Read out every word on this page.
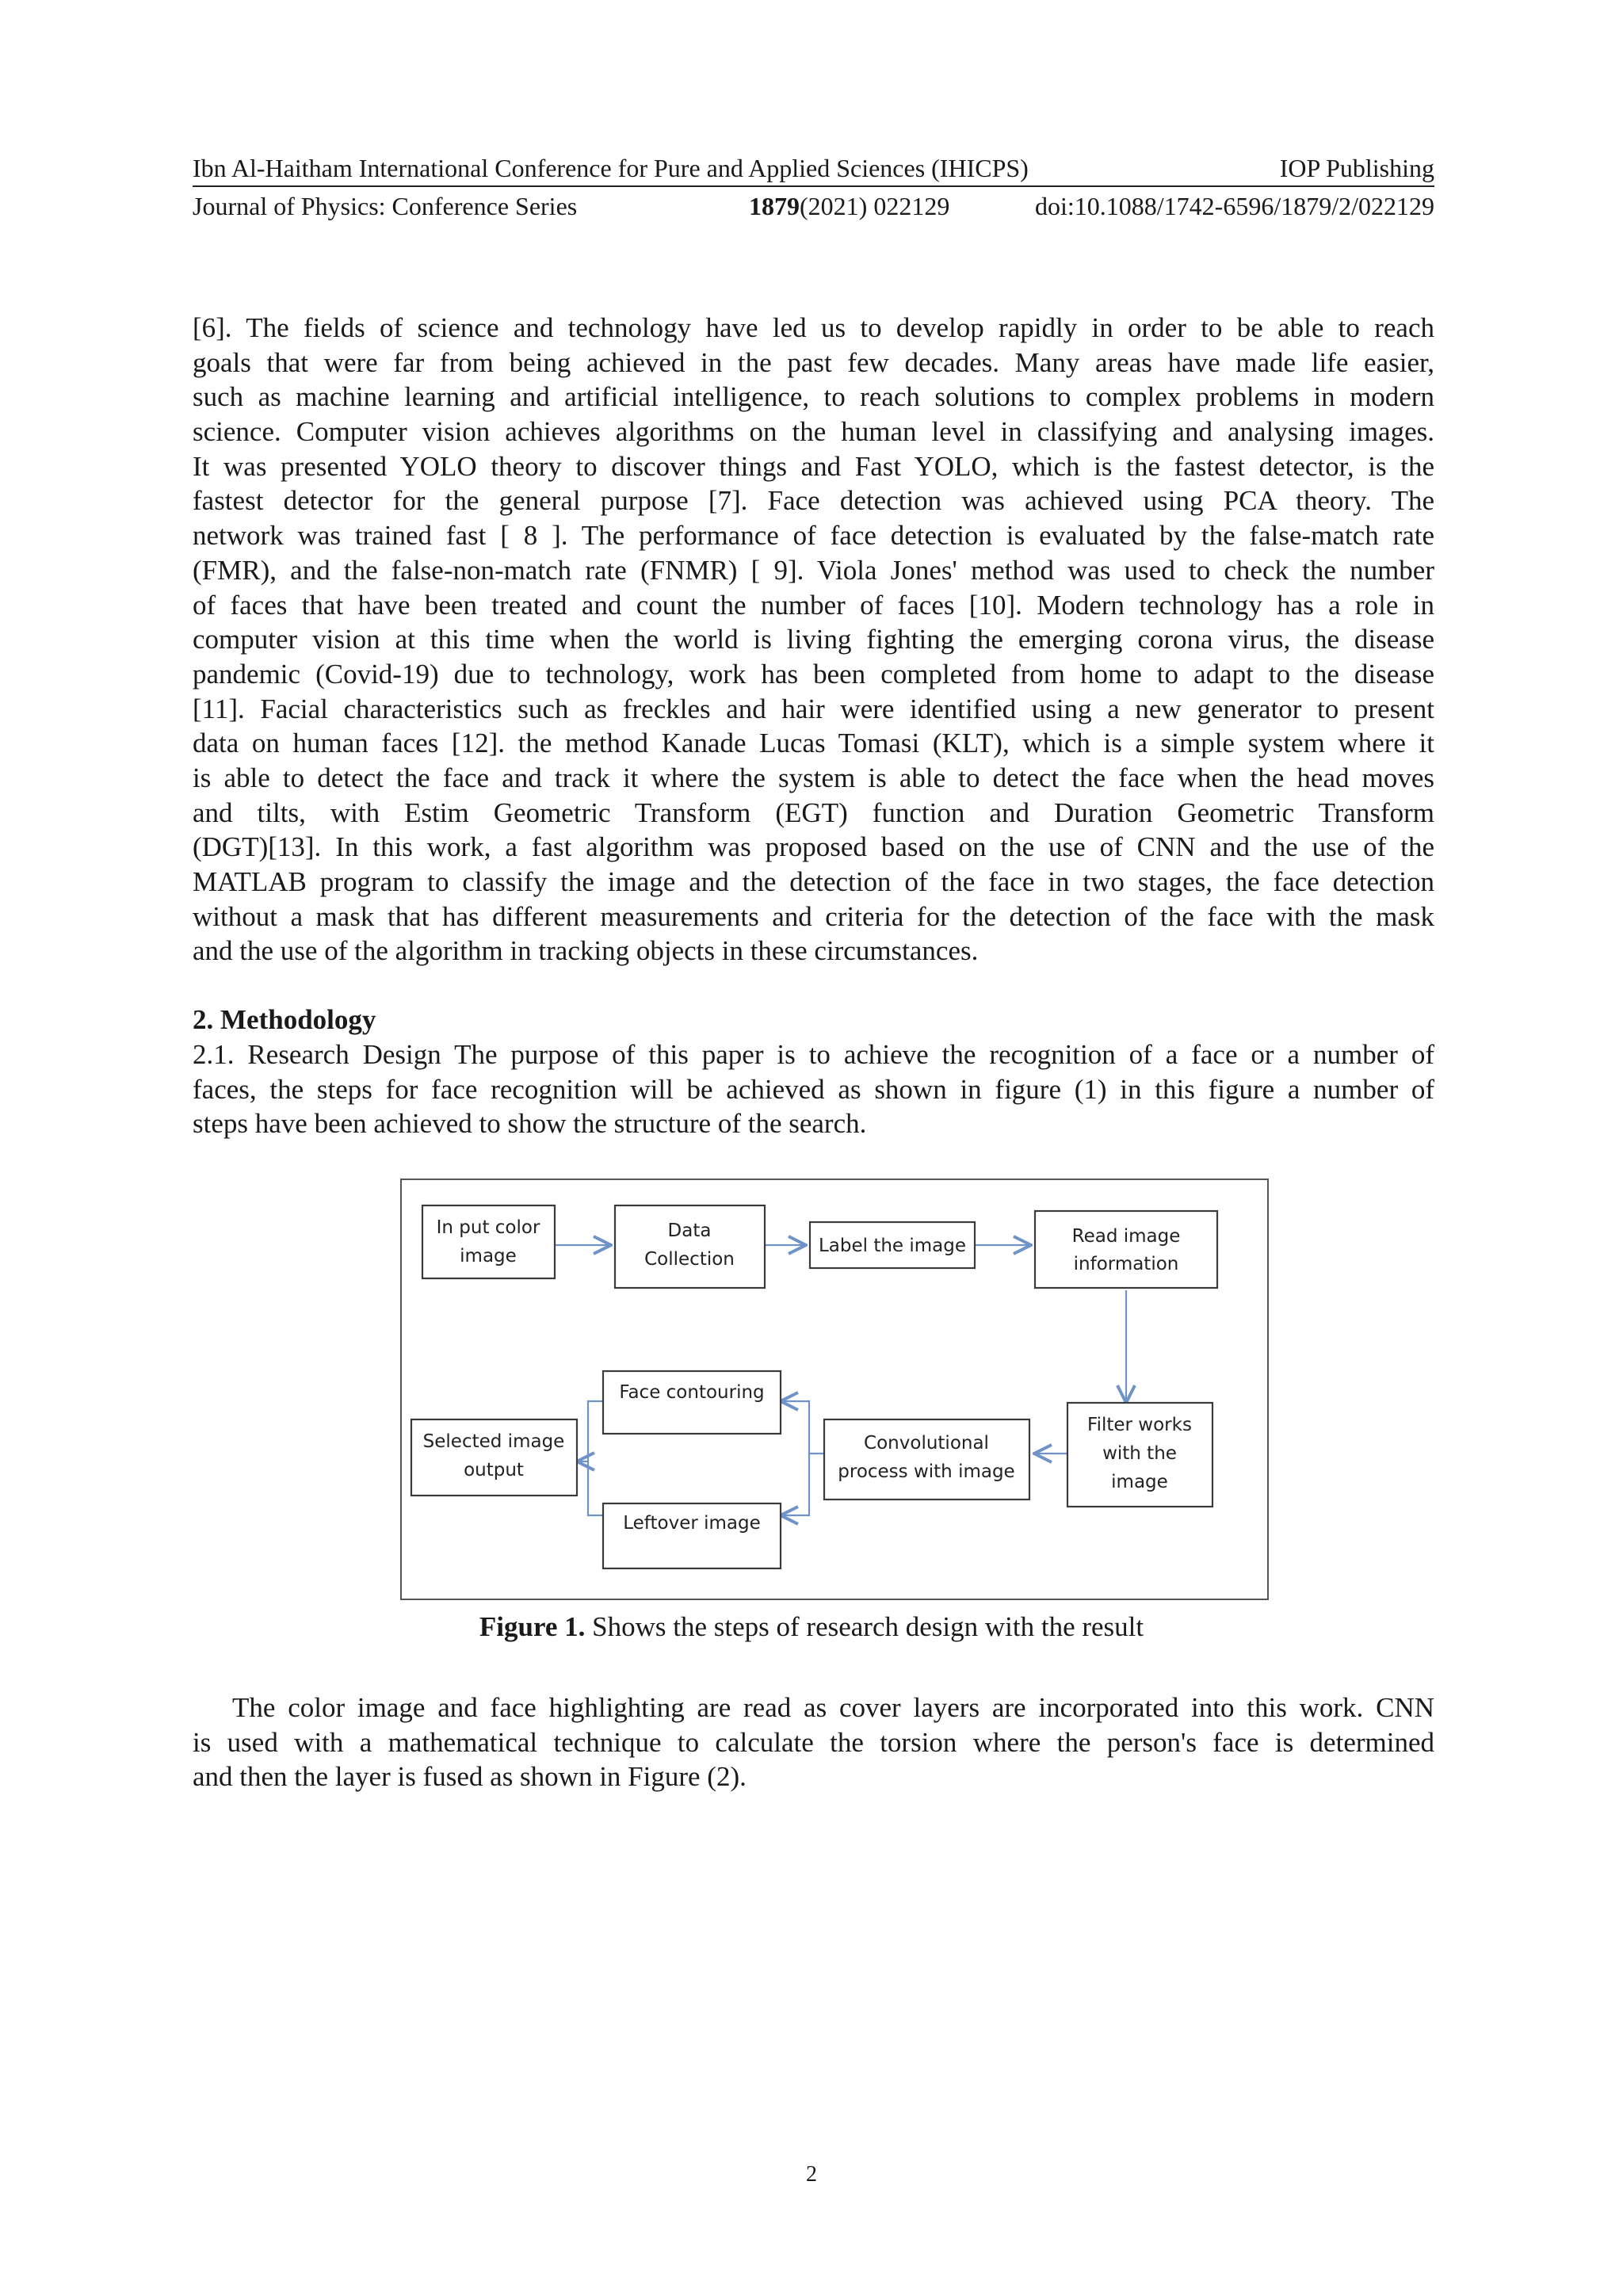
Ibn Al-Haitham International Conference for Pure and Applied Sciences (IHICPS)	IOP Publishing
Journal of Physics: Conference Series	1879(2021) 022129	doi:10.1088/1742-6596/1879/2/022129
[6]. The fields of science and technology have led us to develop rapidly in order to be able to reach
goals that were far from being achieved in the past few decades. Many areas have made life easier,
such as machine learning and artificial intelligence, to reach solutions to complex problems in modern
science. Computer vision achieves algorithms on the human level in classifying and analysing images.
It was presented YOLO theory to discover things and Fast YOLO, which is the fastest detector, is the
fastest detector for the general purpose [7]. Face detection was achieved using PCA theory. The
network was trained fast [ 8 ]. The performance of face detection is evaluated by the false-match rate
(FMR), and the false-non-match rate (FNMR) [ 9]. Viola Jones' method was used to check the number
of faces that have been treated and count the number of faces [10]. Modern technology has a role in
computer vision at this time when the world is living fighting the emerging corona virus, the disease
pandemic (Covid-19) due to technology, work has been completed from home to adapt to the disease
[11]. Facial characteristics such as freckles and hair were identified using a new generator to present
data on human faces [12]. the method Kanade Lucas Tomasi (KLT), which is a simple system where it
is able to detect the face and track it where the system is able to detect the face when the head moves
and tilts, with Estim Geometric Transform (EGT) function and Duration Geometric Transform
(DGT)[13]. In this work, a fast algorithm was proposed based on the use of CNN and the use of the
MATLAB program to classify the image and the detection of the face in two stages, the face detection
without a mask that has different measurements and criteria for the detection of the face with the mask
and the use of the algorithm in tracking objects in these circumstances.
2. Methodology
2.1. Research Design The purpose of this paper is to achieve the recognition of a face or a number of
faces, the steps for face recognition will be achieved as shown in figure (1) in this figure a number of
steps have been achieved to show the structure of the search.
In put color
image
Data
Collection
Label the image	Read image
information
Filter works
with the
image
Convolutional
process with image
Face contouring
Leftover image
Selected image
output
Figure 1. Shows the steps of research design with the result
The color image and face highlighting are read as cover layers are incorporated into this work. CNN
is used with a mathematical technique to calculate the torsion where the person's face is determined
and then the layer is fused as shown in Figure (2).
2
